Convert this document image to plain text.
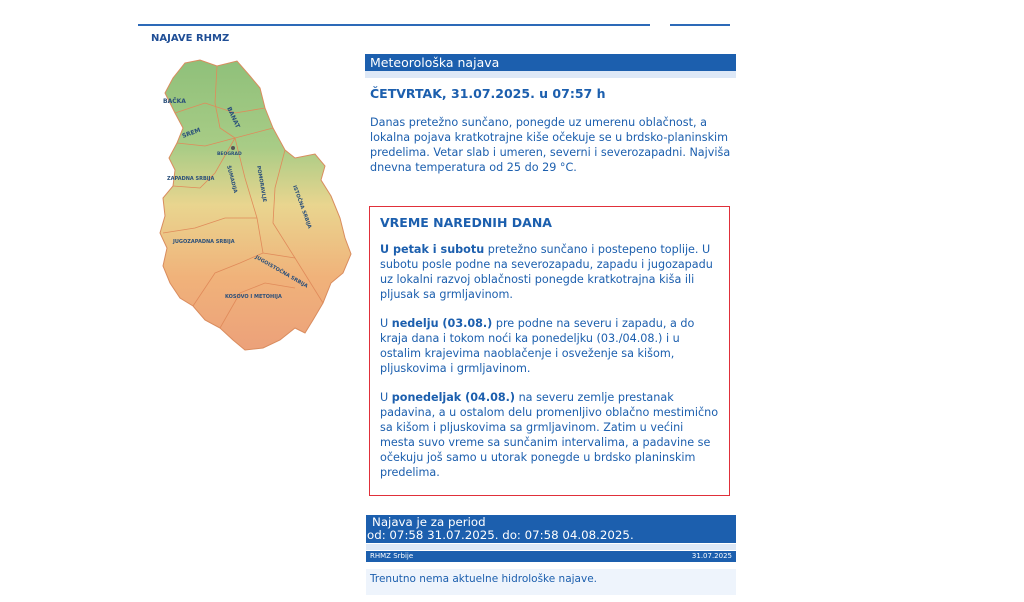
NAJAVE RHMZ
BAČKA
BANAT
SREM
BEOGRAD
ZAPADNA SRBIJA ŠUMADIJA	POMORAVLJE
ISTOČNA SRBIJA
JUGOZAPADNA SRBIJA
JUGOISTOČNA SRBIJA
KOSOVO I METOHIJA
Meteorološka najava
ČETVRTAK, 31.07.2025. u 07:57 h
Danas pretežno sunčano, ponegde uz umerenu oblačnost, a lokalna pojava kratkotrajne kiše očekuje se u brdsko-planinskim predelima. Vetar slab i umeren, severni i severozapadni. Najviša dnevna temperatura od 25 do 29 °C.
VREME NAREDNIH DANA

U petak i subotu pretežno sunčano i postepeno toplije. U subotu posle podne na severozapadu, zapadu i jugozapadu uz lokalni razvoj oblačnosti ponegde kratkotrajna kiša ili pljusak sa grmljavinom.

U nedelju (03.08.) pre podne na severu i zapadu, a do kraja dana i tokom noći ka ponedeljku (03./04.08.) i u ostalim krajevima naoblačenje i osveženje sa kišom, pljuskovima i grmljavinom.

U ponedeljak (04.08.) na severu zemlje prestanak padavina, a u ostalom delu promenljivo oblačno mestimično sa kišom i pljuskovima sa grmljavinom. Zatim u većini mesta suvo vreme sa sunčanim intervalima, a padavine se očekuju još samo u utorak ponegde u brdsko planinskim predelima.

Najava je za period
od: 07:58 31.07.2025. do: 07:58 04.08.2025.
RHMZ Srbije	31.07.2025
Trenutno nema aktuelne hidrološke najave.
